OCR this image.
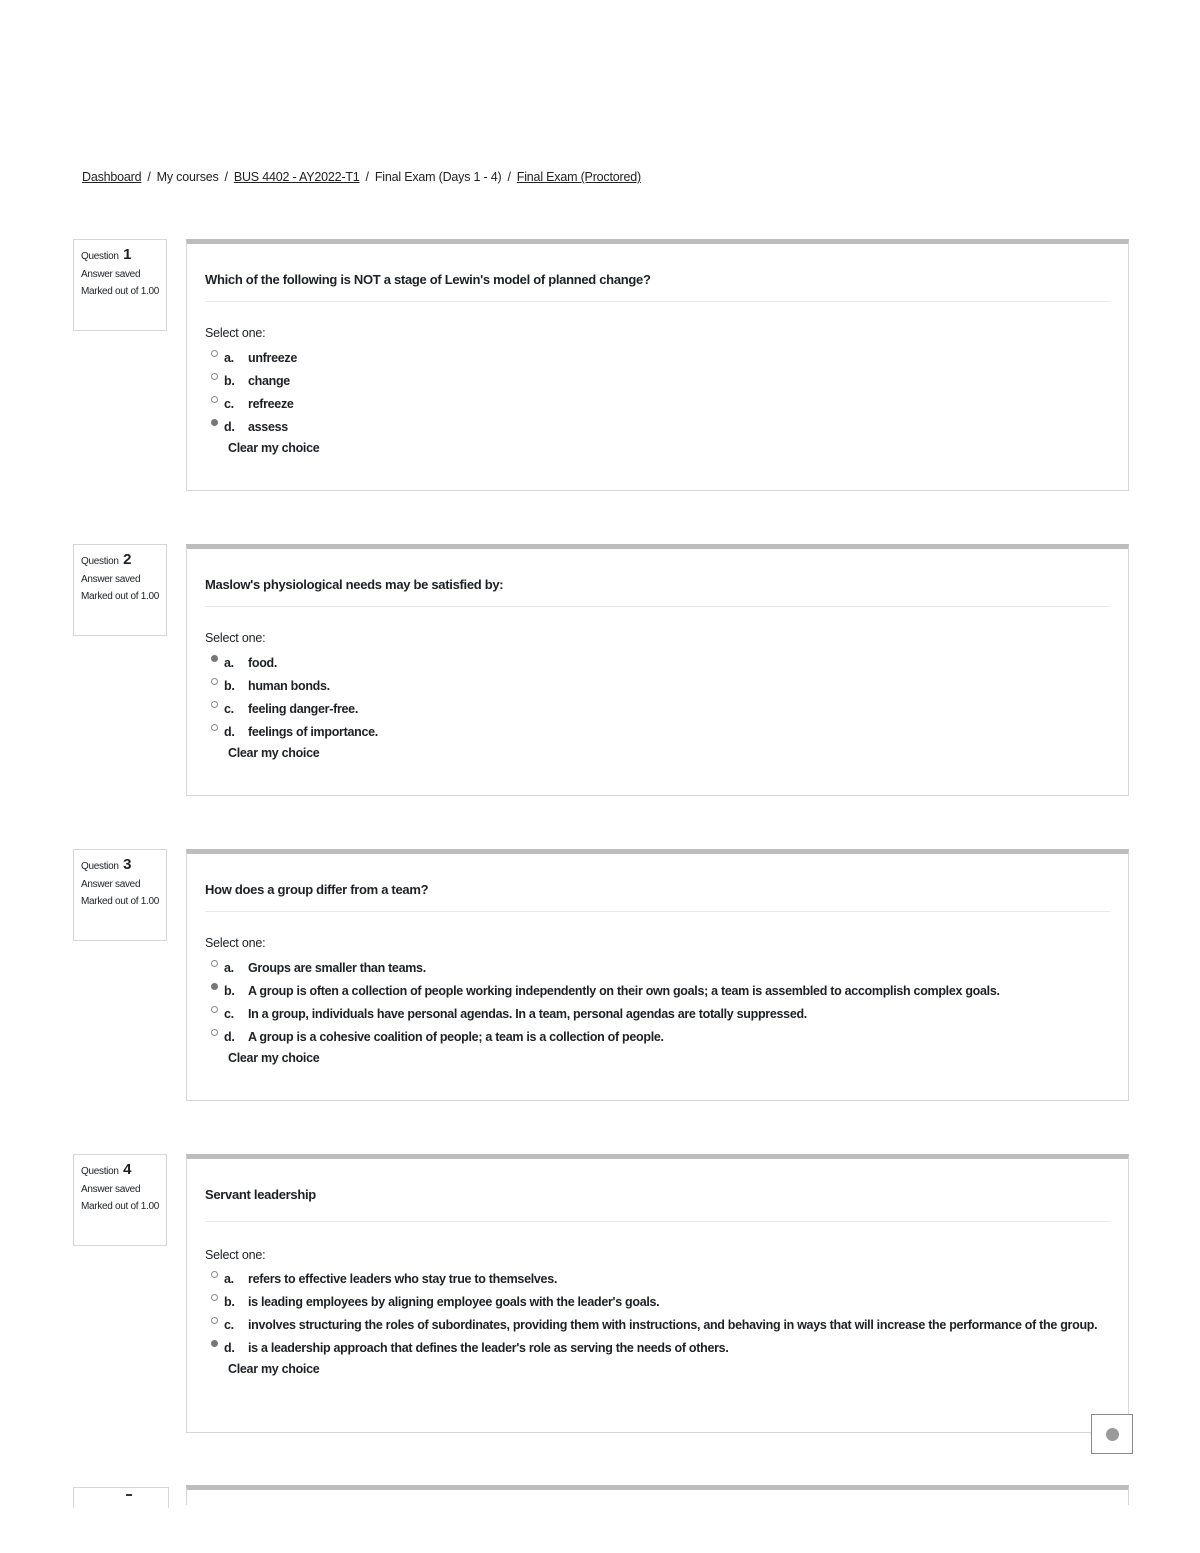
Dashboard / My courses / BUS 4402 - AY2022-T1 / Final Exam (Days 1 - 4) / Final Exam (Proctored)
Question 1
Answer saved
Marked out of 1.00
Which of the following is NOT a stage of Lewin's model of planned change?
Select one:
a.	unfreeze
b.	change
c.	refreeze
d.	assess
Clear my choice
Question 2
Answer saved
Marked out of 1.00
Maslow's physiological needs may be satisfied by:
Select one:
a.	food.
b.	human bonds.
c.	feeling danger-free.
d.	feelings of importance.
Clear my choice
Question 3
Answer saved
Marked out of 1.00
How does a group differ from a team?
Select one:
a.	Groups are smaller than teams.
b.	A group is often a collection of people working independently on their own goals; a team is assembled to accomplish complex goals.
c.	In a group, individuals have personal agendas. In a team, personal agendas are totally suppressed.
d.	A group is a cohesive coalition of people; a team is a collection of people.
Clear my choice
Question 4
Answer saved
Marked out of 1.00
Servant leadership
Select one:
a.	refers to effective leaders who stay true to themselves.
b.	is leading employees by aligning employee goals with the leader's goals.
c.	involves structuring the roles of subordinates, providing them with instructions, and behaving in ways that will increase the performance of the group.
d.	is a leadership approach that defines the leader's role as serving the needs of others.
Clear my choice
